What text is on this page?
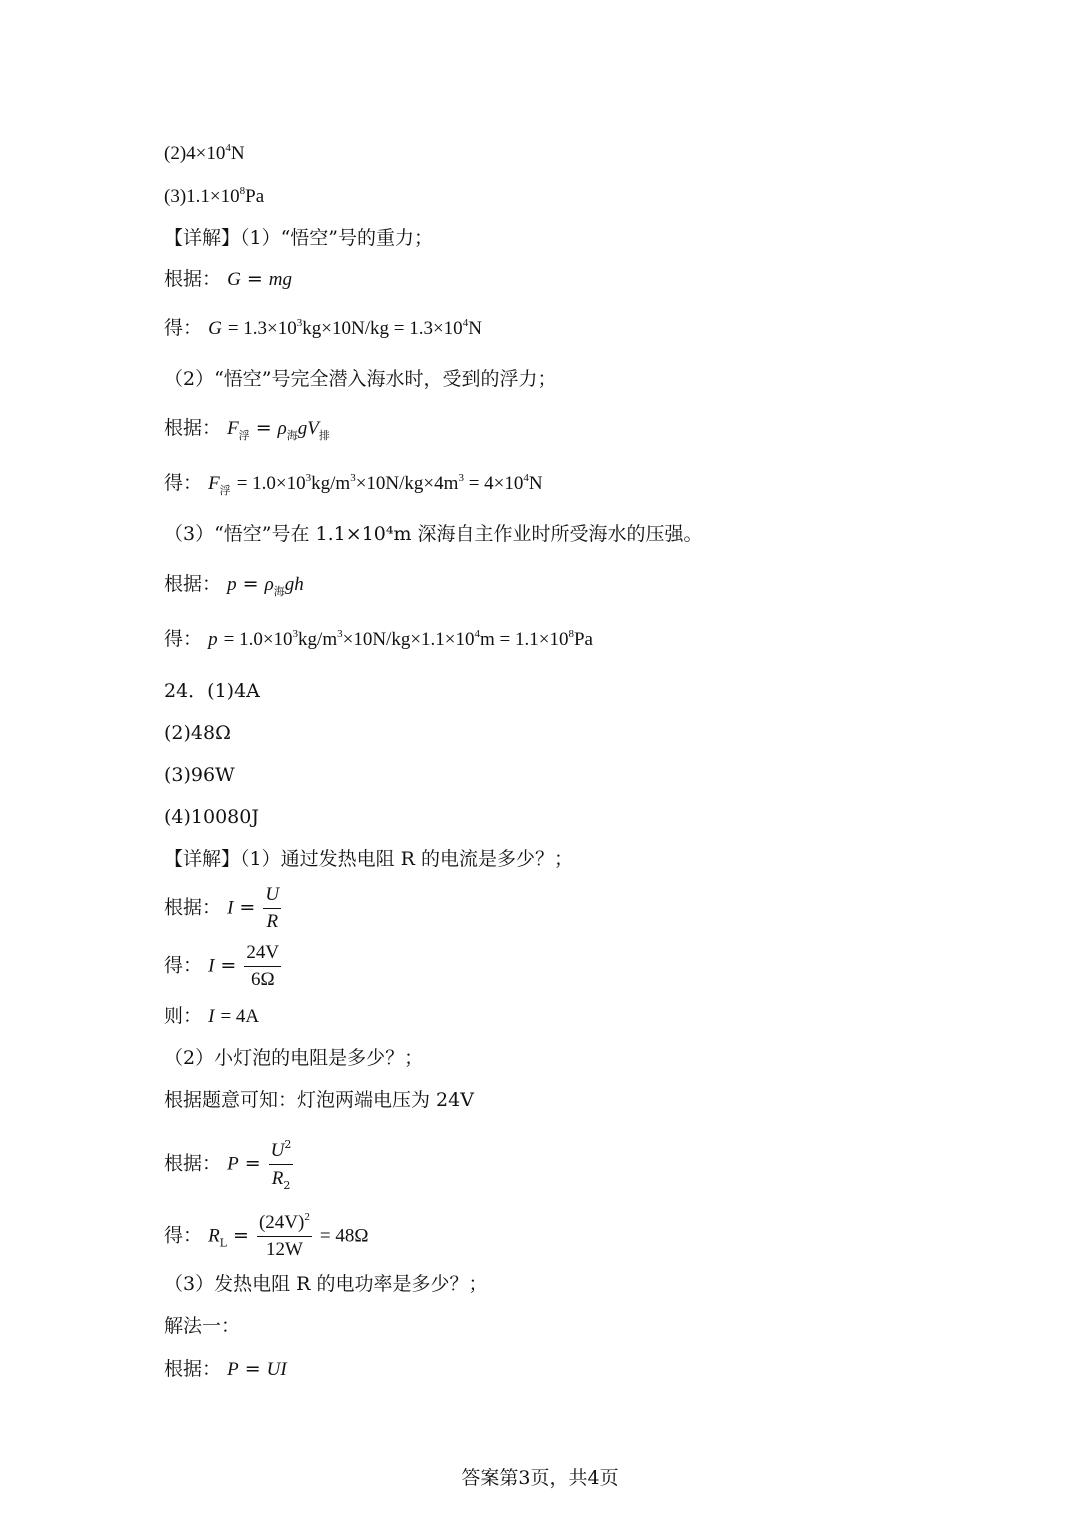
$(2)4\times 10^4N$
$(3)1.1\times 10^8Pa$
【详解】（1）“悟空”号的重力；
根据： G = mg
得： $G = 1.3\times 10^3kg\times 10N/kg = 1.3\times 10^4N$
（2）“悟空”号完全潜入海水时，受到的浮力；
根据： $F_浮 = \rho_海gV_排$
得： $F_浮 = 1.0\times 10^3kg/m^3\times 10N/kg\times 4m^3 = 4\times 10^4N$
（3）“悟空”号在 1.1×10⁴m 深海自主作业时所受海水的压强。
根据： $p = \rho_海gh$
得： $p = 1.0\times 10^3kg/m^3\times 10N/kg\times 1.1\times 10^4m = 1.1\times 10^8Pa$
24．(1)4A
(2)48Ω
(3)96W
(4)10080J
【详解】（1）通过发热电阻 R 的电流是多少？；
根据： $I = \frac{U}{R}$
得： $I = \frac{24V}{6\Omega}$
则： I = 4A
（2）小灯泡的电阻是多少？；
根据题意可知：灯泡两端电压为 24V
根据： $P = \frac{U^2}{R_2}$
得： $R_L = \frac{(24V)^2}{12W} = 48\Omega$
（3）发热电阻 R 的电功率是多少？；
解法一：
根据： P = UI
答案第3页，共4页
